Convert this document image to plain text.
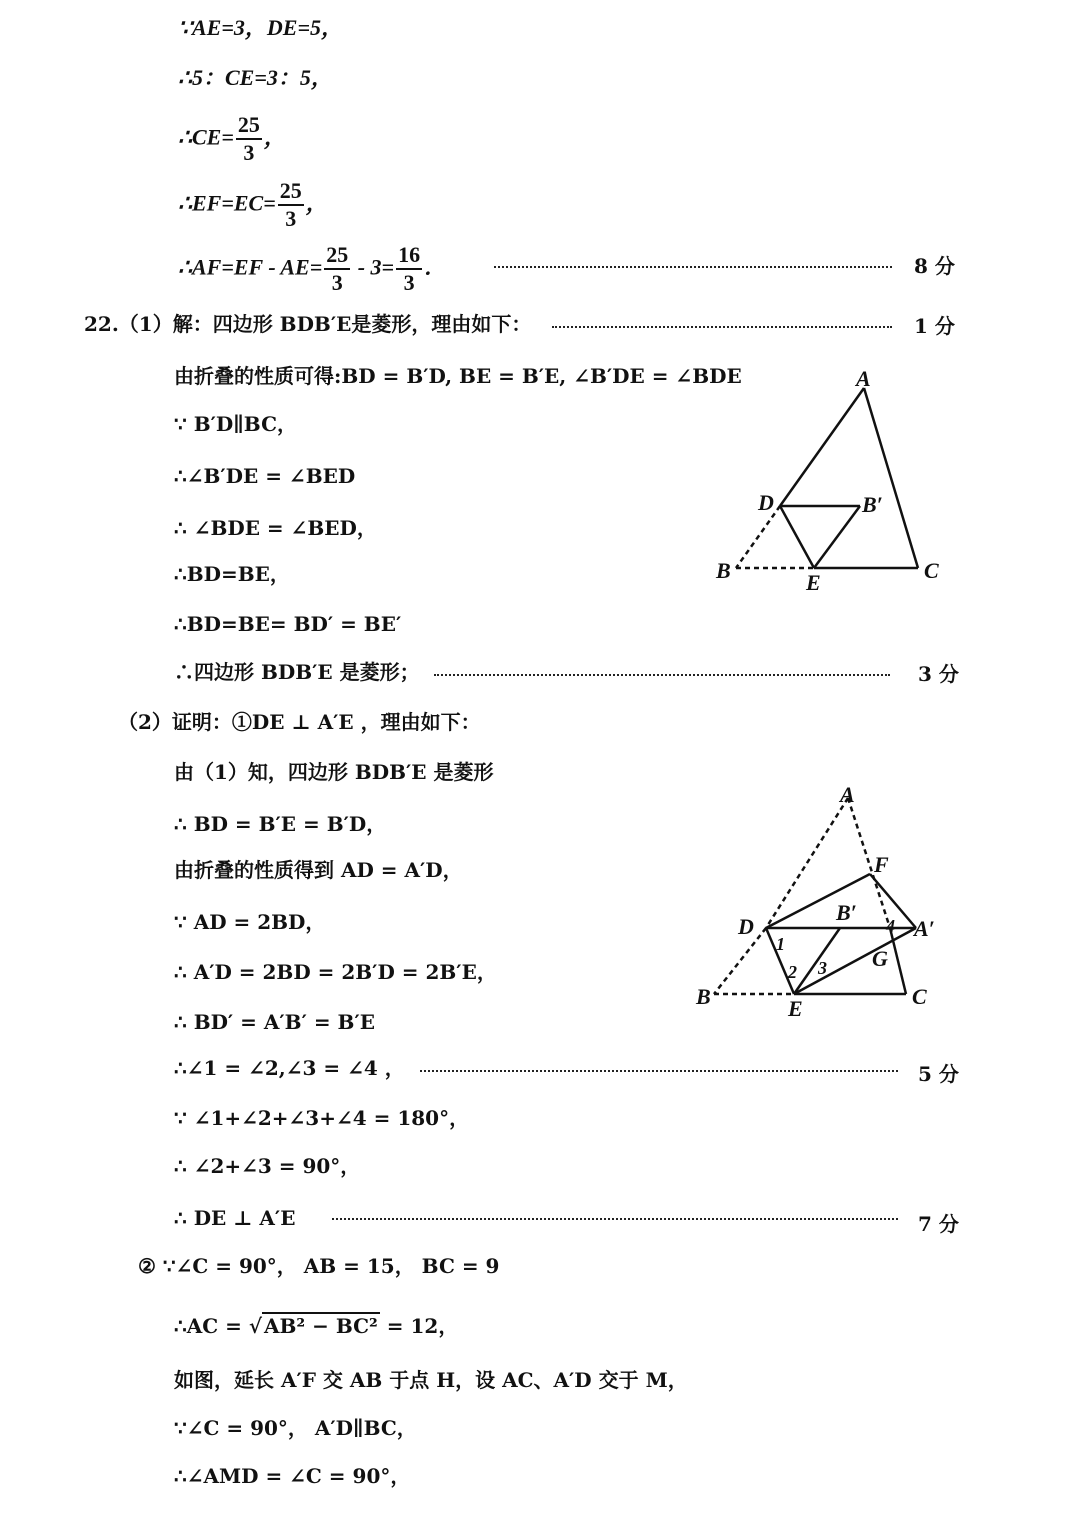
∵AE=3，DE=5，
∴5：CE=3：5，
∴CE= $\frac{25}{3}$ ，
∴EF=EC= $\frac{25}{3}$ ，
∴AF=EF - $AE= \frac{25}{3} - 3= \frac{16}{3}$ ．	8 分
22.（1）解：四边形 BDB′E是菱形，理由如下：	1 分
由折叠的性质可得:BD = B′D, BE = B′E, ∠B′DE = ∠BDE
∵ B′D∥BC，
∴∠B′DE = ∠BED
∴ ∠BDE = ∠BED，
∴BD=BE，
∴BD=BE= BD′ = BE′
∴四边形 BDB′E 是菱形；	3 分
A
D	B′
B	E	C
（2）证明：①DE ⊥ A′E ，理由如下：
由（1）知，四边形 BDB′E 是菱形
∴ BD = B′E = B′D，
由折叠的性质得到 AD = A′D，
∵ AD = 2BD，
∴ A′D = 2BD = 2B′D = 2B′E，
∴ BD′ = A′B′ = B′E
∴∠1 = ∠2,∠3 = ∠4 ，	5 分
∵ ∠1+∠2+∠3+∠4 = 180°，
∴ ∠2+∠3 = 90°，
∴ DE ⊥ A′E	7 分
② ∵∠C = 90°， AB = 15， BC = 9
∴AC = √ AB² − BC² = 12，
如图，延长 A′F 交 AB 于点 H，设 AC、A′D 交于 M，
∵∠C = 90°， A′D∥BC，
∴∠AMD = ∠C = 90°，
A
F
B′
D	A′
G
B	E	C
1
2 3
4
